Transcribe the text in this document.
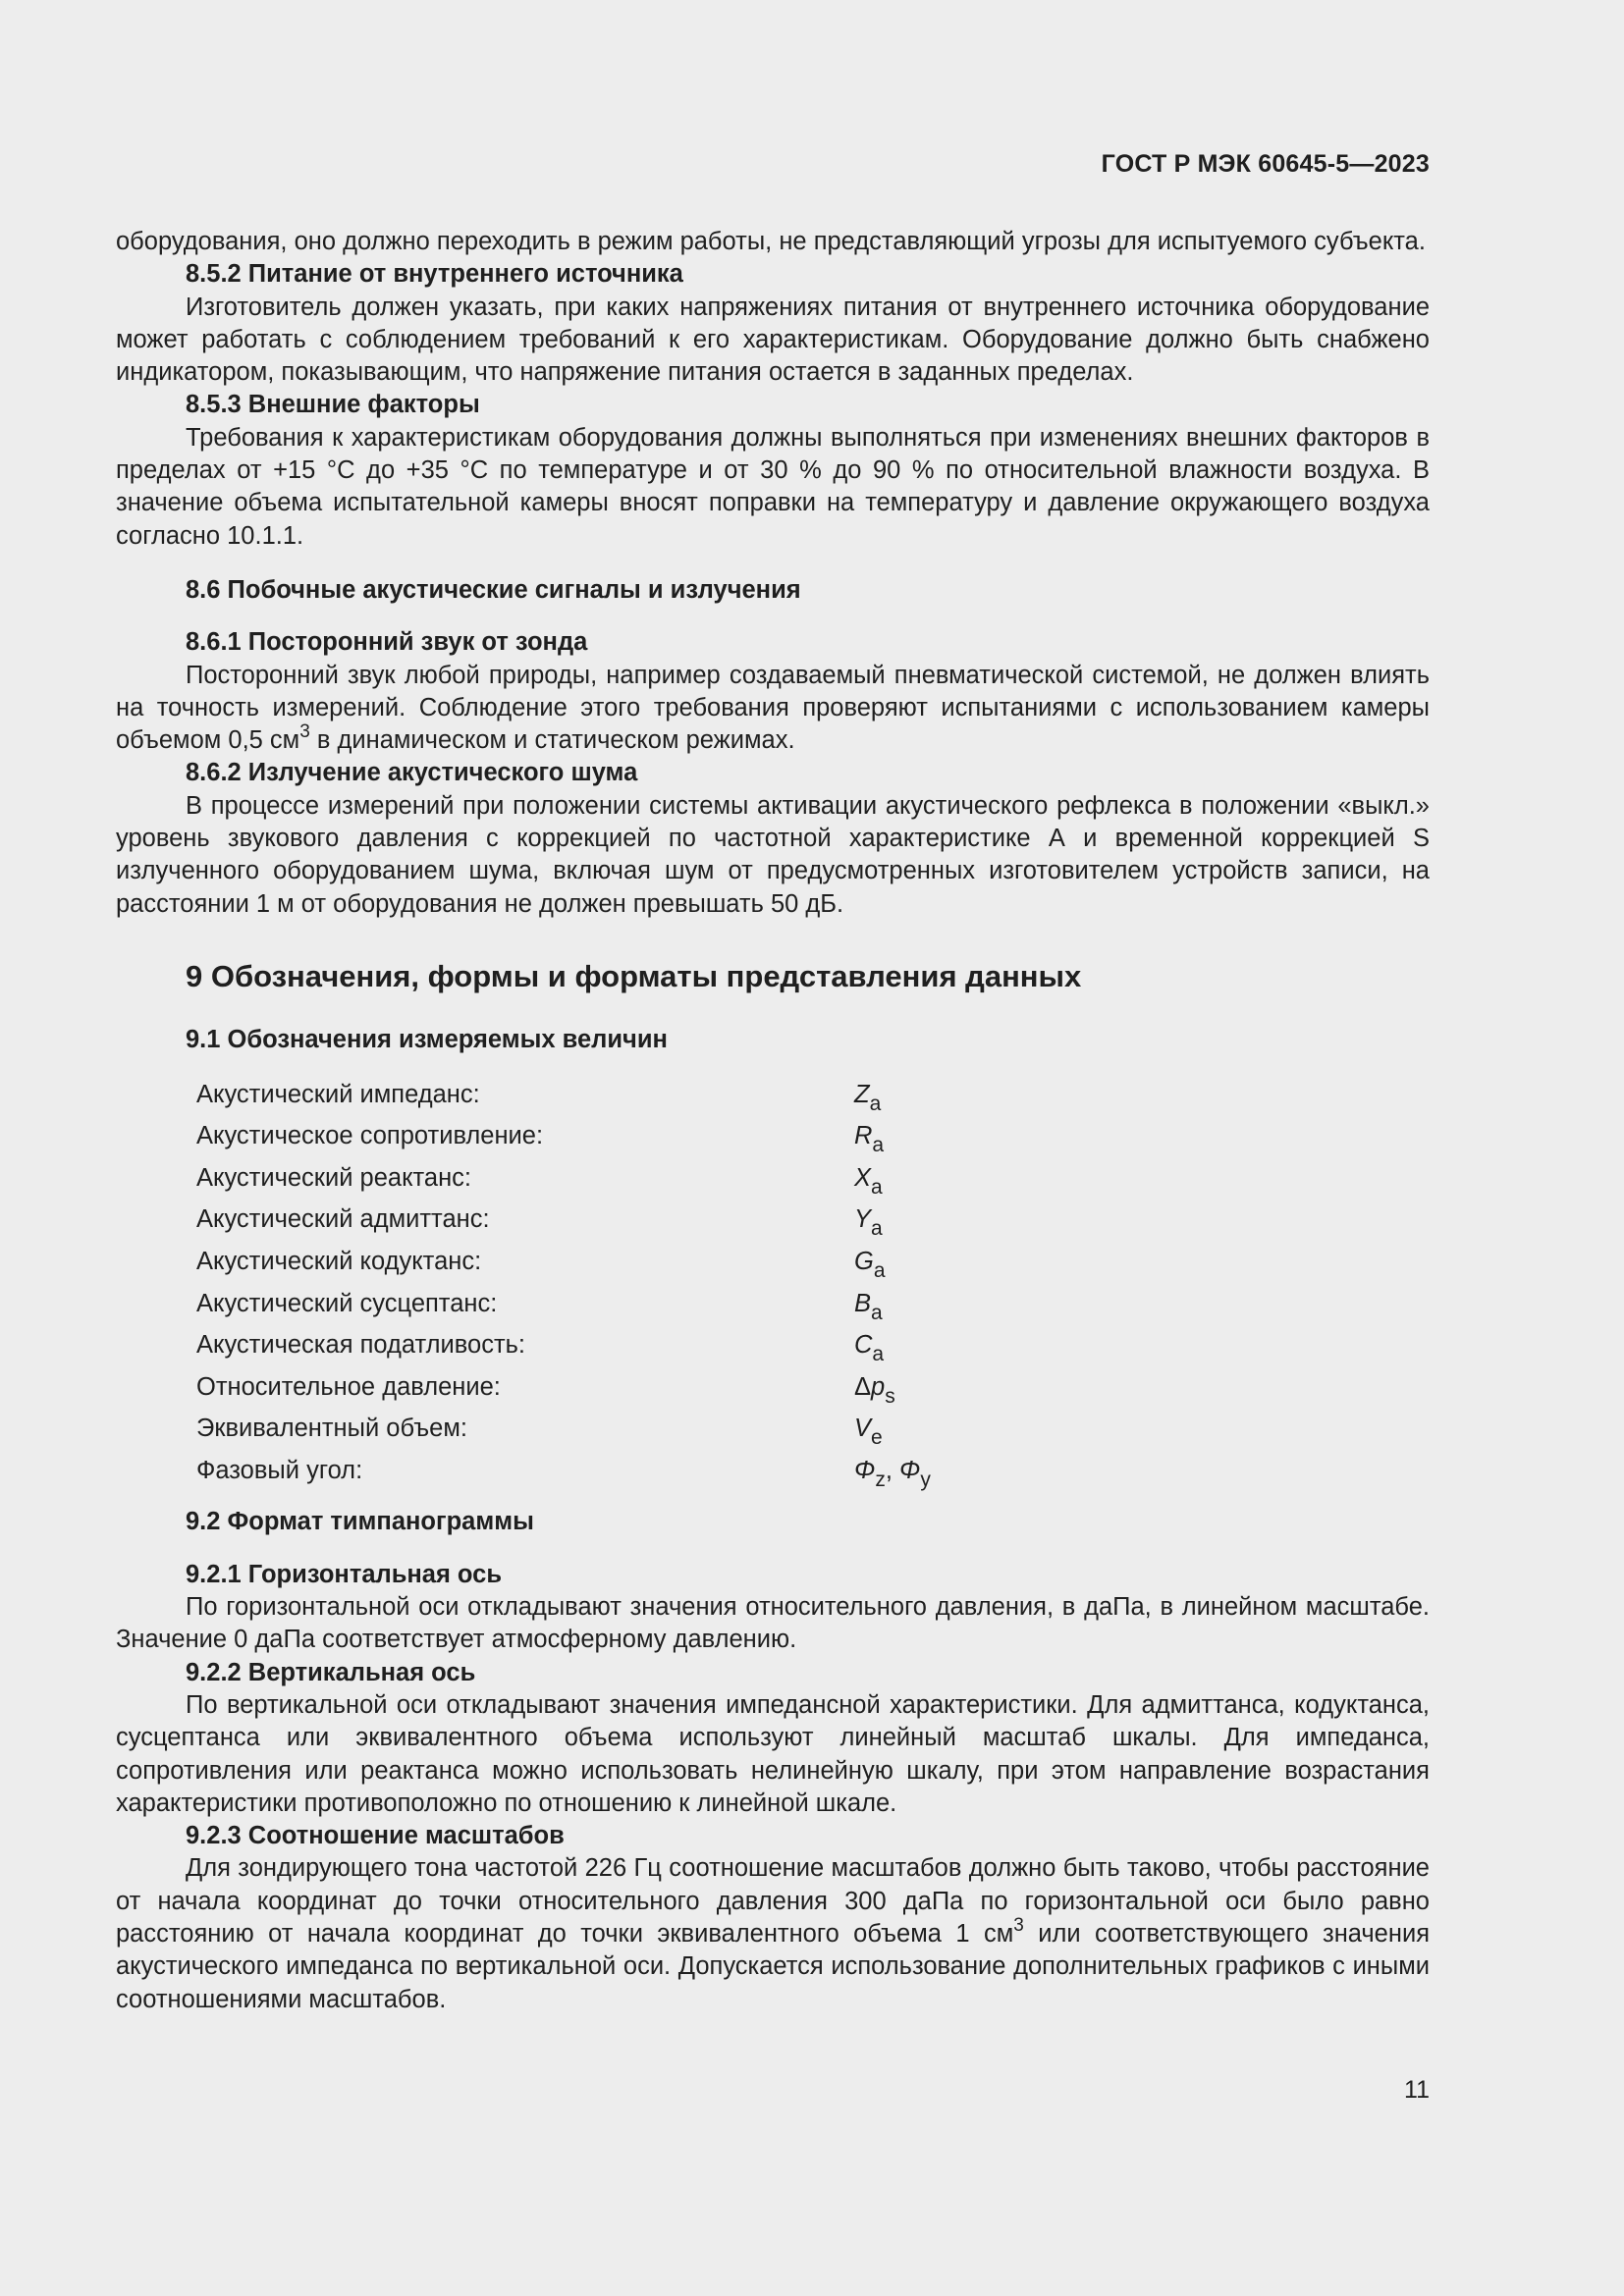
ГОСТ Р МЭК 60645-5—2023

оборудования, оно должно переходить в режим работы, не представляющий угрозы для испытуемого субъекта.

8.5.2 Питание от внутреннего источника

Изготовитель должен указать, при каких напряжениях питания от внутреннего источника оборудование может работать с соблюдением требований к его характеристикам. Оборудование должно быть снабжено индикатором, показывающим, что напряжение питания остается в заданных пределах.

8.5.3 Внешние факторы

Требования к характеристикам оборудования должны выполняться при изменениях внешних факторов в пределах от +15 °C до +35 °C по температуре и от 30 % до 90 % по относительной влажности воздуха. В значение объема испытательной камеры вносят поправки на температуру и давление окружающего воздуха согласно 10.1.1.

8.6 Побочные акустические сигналы и излучения

8.6.1 Посторонний звук от зонда

Посторонний звук любой природы, например создаваемый пневматической системой, не должен влиять на точность измерений. Соблюдение этого требования проверяют испытаниями с использованием камеры объемом 0,5 $см^3$ в динамическом и статическом режимах.

8.6.2 Излучение акустического шума

В процессе измерений при положении системы активации акустического рефлекса в положении «выкл.» уровень звукового давления с коррекцией по частотной характеристике А и временной коррекцией S излученного оборудованием шума, включая шум от предусмотренных изготовителем устройств записи, на расстоянии 1 м от оборудования не должен превышать 50 дБ.

9 Обозначения, формы и форматы представления данных

9.1 Обозначения измеряемых величин

Акустический импеданс:	$Z_a$
Акустическое сопротивление:	$R_a$
Акустический реактанс:	$X_a$
Акустический адмиттанс:	$Y_a$
Акустический кодуктанс:	$G_a$
Акустический сусцептанс:	$B_a$
Акустическая податливость:	$C_a$
Относительное давление:	$\Delta p_s$
Эквивалентный объем:	$V_e$
Фазовый угол:	$\Phi_z$, $\Phi_y$

9.2 Формат тимпанограммы

9.2.1 Горизонтальная ось

По горизонтальной оси откладывают значения относительного давления, в даПа, в линейном масштабе. Значение 0 даПа соответствует атмосферному давлению.

9.2.2 Вертикальная ось

По вертикальной оси откладывают значения импедансной характеристики. Для адмиттанса, кодуктанса, сусцептанса или эквивалентного объема используют линейный масштаб шкалы. Для импеданса, сопротивления или реактанса можно использовать нелинейную шкалу, при этом направление возрастания характеристики противоположно по отношению к линейной шкале.

9.2.3 Соотношение масштабов

Для зондирующего тона частотой 226 Гц соотношение масштабов должно быть таково, чтобы расстояние от начала координат до точки относительного давления 300 даПа по горизонтальной оси было равно расстоянию от начала координат до точки эквивалентного объема 1 $см^3$ или соответствующего значения акустического импеданса по вертикальной оси. Допускается использование дополнительных графиков с иными соотношениями масштабов.

11
